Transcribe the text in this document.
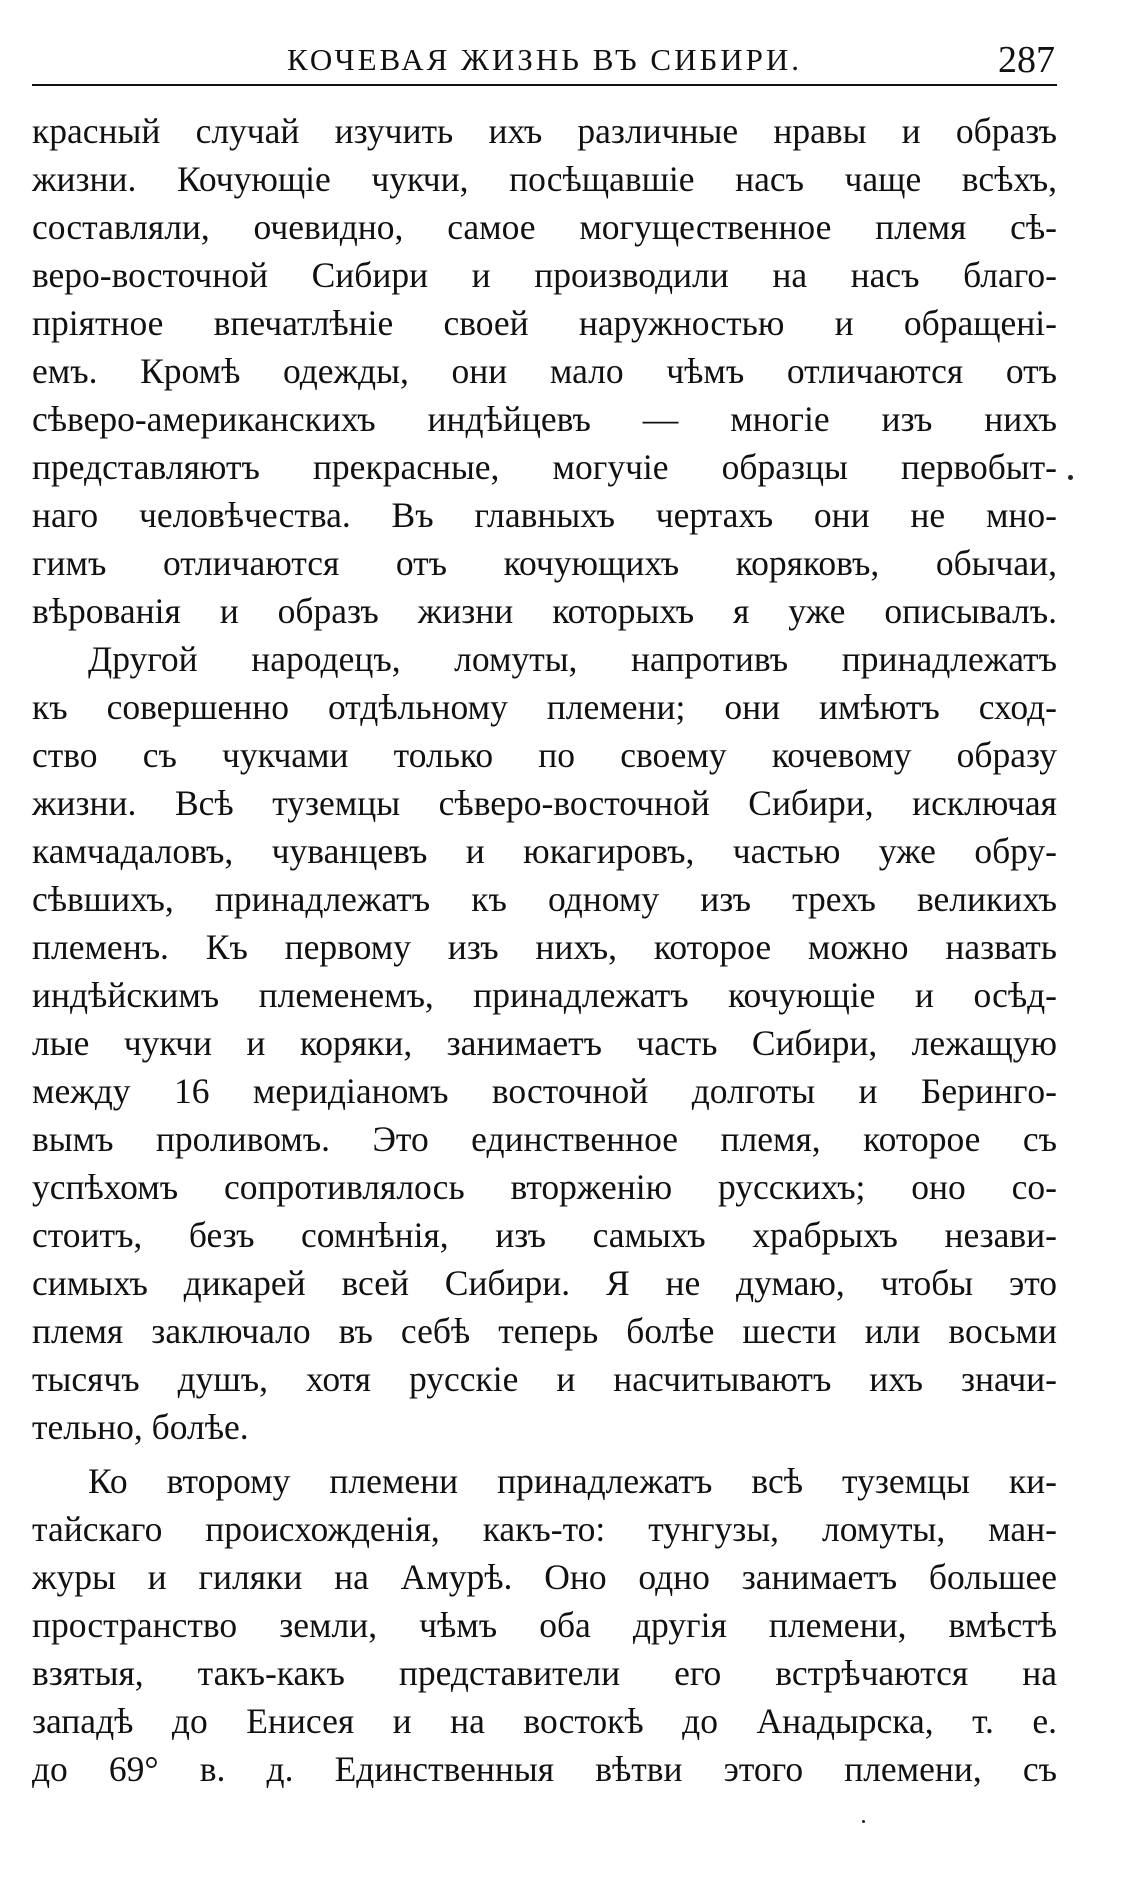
КОЧЕВАЯ ЖИЗНЬ ВЪ СИБИРИ.	287
красный случай изучить ихъ различные нравы и образъ
жизни. Кочующіе чукчи, посѣщавшіе насъ чаще всѣхъ,
составляли, очевидно, самое могущественное племя сѣ-
веро-восточной Сибири и производили на насъ благо-
пріятное впечатлѣніе своей наружностью и обращені-
емъ. Кромѣ одежды, они мало чѣмъ отличаются отъ
сѣверо-американскихъ индѣйцевъ — многіе изъ нихъ
представляютъ прекрасные, могучіе образцы первобыт-
наго человѣчества. Въ главныхъ чертахъ они не мно-
гимъ отличаются отъ кочующихъ коряковъ, обычаи,
вѣрованія и образъ жизни которыхъ я уже описывалъ.
Другой народецъ, ломуты, напротивъ принадлежатъ
къ совершенно отдѣльному племени; они имѣютъ сход-
ство съ чукчами только по своему кочевому образу
жизни. Всѣ туземцы сѣверо-восточной Сибири, исключая
камчадаловъ, чуванцевъ и юкагировъ, частью уже обру-
сѣвшихъ, принадлежатъ къ одному изъ трехъ великихъ
племенъ. Къ первому изъ нихъ, которое можно назвать
индѣйскимъ племенемъ, принадлежатъ кочующіе и осѣд-
лые чукчи и коряки, занимаетъ часть Сибири, лежащую
между 16 меридіаномъ восточной долготы и Берингo-
вымъ проливомъ. Это единственное племя, которое съ
успѣхомъ сопротивлялось вторженію русскихъ; оно со-
стоитъ, безъ сомнѣнія, изъ самыхъ храбрыхъ незави-
симыхъ дикарей всей Сибири. Я не думаю, чтобы это
племя заключало въ себѣ теперь болѣе шести или восьми
тысячъ душъ, хотя русскіе и насчитываютъ ихъ значи-
тельно, болѣе.
Ко второму племени принадлежатъ всѣ туземцы ки-
тайскаго происхожденія, какъ-то: тунгузы, ломуты, ман-
журы и гиляки на Амурѣ. Оно одно занимаетъ большее
пространство земли, чѣмъ оба другія племени, вмѣстѣ
взятыя, такъ-какъ представители его встрѣчаются на
западѣ до Енисея и на востокѣ до Анадырска, т. е.
до 69° в. д. Единственныя вѣтви этого племени, съ
